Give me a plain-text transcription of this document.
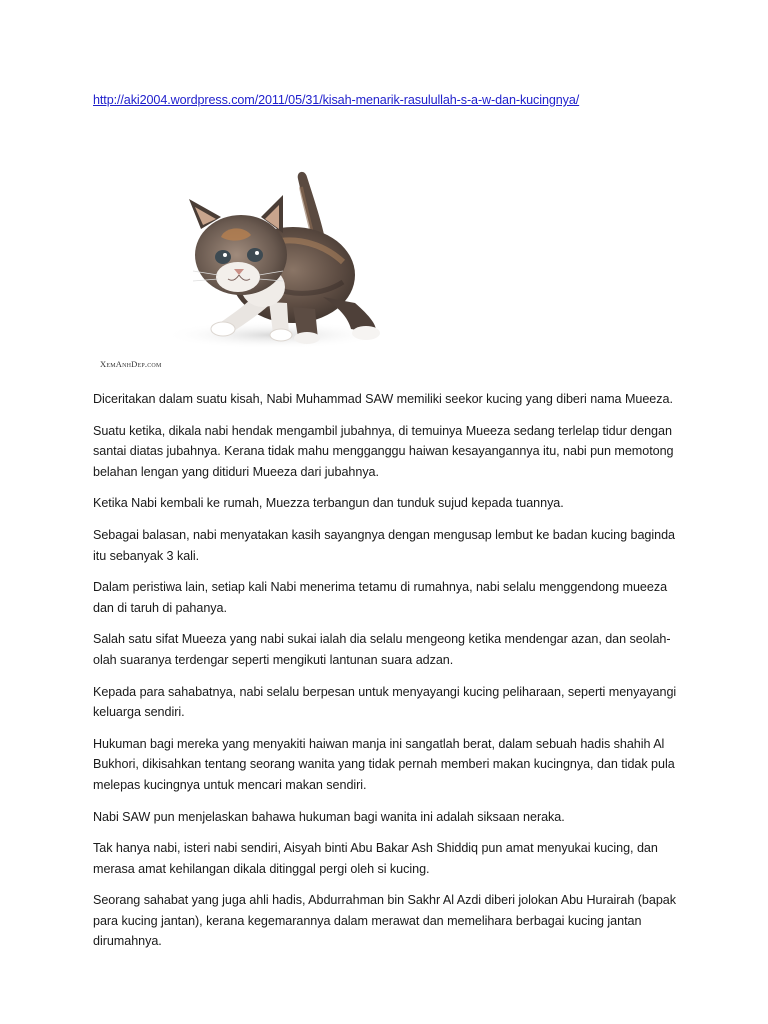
http://aki2004.wordpress.com/2011/05/31/kisah-menarik-rasulullah-s-a-w-dan-kucingnya/
XemAnhDep.com

Diceritakan dalam suatu kisah, Nabi Muhammad SAW memiliki seekor kucing yang diberi nama Mueeza.

Suatu ketika, dikala nabi hendak mengambil jubahnya, di temuinya Mueeza sedang terlelap tidur dengan santai diatas jubahnya. Kerana tidak mahu mengganggu haiwan kesayangannya itu, nabi pun memotong belahan lengan yang ditiduri Mueeza dari jubahnya.

Ketika Nabi kembali ke rumah, Muezza terbangun dan tunduk sujud kepada tuannya.

Sebagai balasan, nabi menyatakan kasih sayangnya dengan mengusap lembut ke badan kucing baginda itu sebanyak 3 kali.

Dalam peristiwa lain, setiap kali Nabi menerima tetamu di rumahnya, nabi selalu menggendong mueeza dan di taruh di pahanya.

Salah satu sifat Mueeza yang nabi sukai ialah dia selalu mengeong ketika mendengar azan, dan seolah-olah suaranya terdengar seperti mengikuti lantunan suara adzan.

Kepada para sahabatnya, nabi selalu berpesan untuk menyayangi kucing peliharaan, seperti menyayangi keluarga sendiri.

Hukuman bagi mereka yang menyakiti haiwan manja ini sangatlah berat, dalam sebuah hadis shahih Al Bukhori, dikisahkan tentang seorang wanita yang tidak pernah memberi makan kucingnya, dan tidak pula melepas kucingnya untuk mencari makan sendiri.

Nabi SAW pun menjelaskan bahawa hukuman bagi wanita ini adalah siksaan neraka.

Tak hanya nabi, isteri nabi sendiri, Aisyah binti Abu Bakar Ash Shiddiq pun amat menyukai kucing, dan merasa amat kehilangan dikala ditinggal pergi oleh si kucing.

Seorang sahabat yang juga ahli hadis, Abdurrahman bin Sakhr Al Azdi diberi jolokan Abu Hurairah (bapak para kucing jantan), kerana kegemarannya dalam merawat dan memelihara berbagai kucing jantan dirumahnya.
